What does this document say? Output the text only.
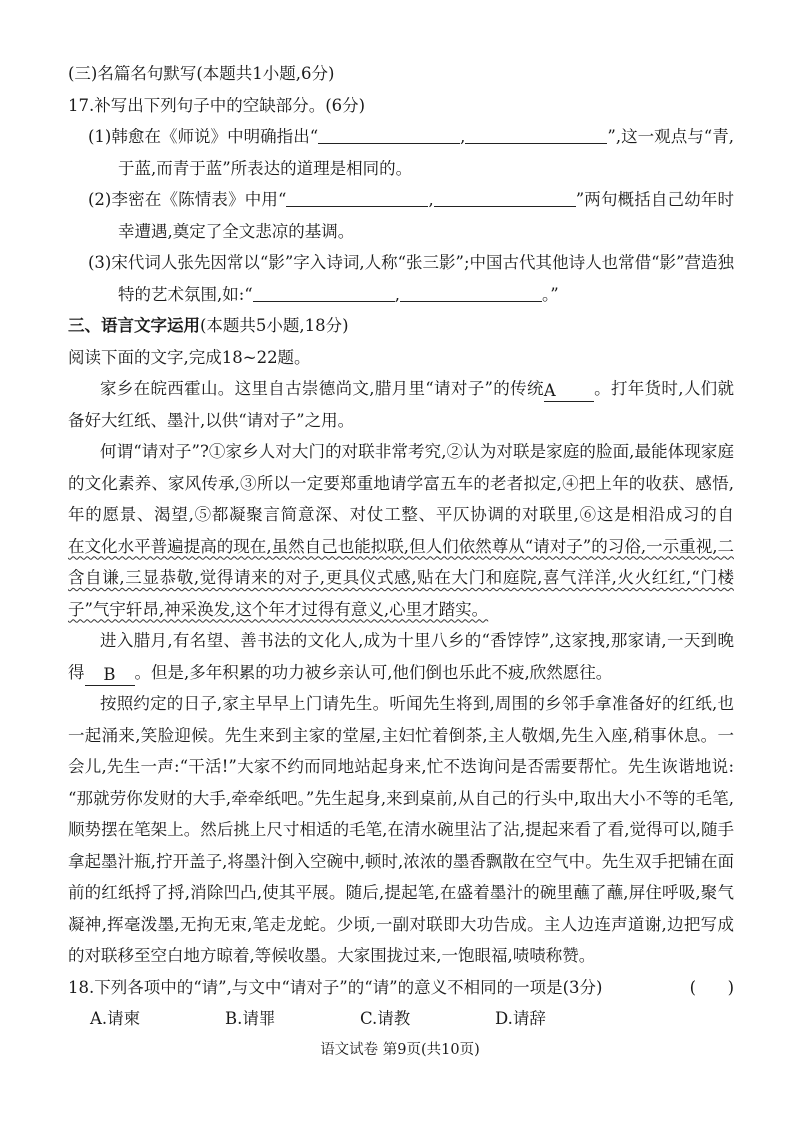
(三)名篇名句默写(本题共1小题,6分)
17.补写出下列句子中的空缺部分。(6分)
(1)韩愈在《师说》中明确指出“	,	”,这一观点与“青,
于蓝,而青于蓝”所表达的道理是相同的。
(2)李密在《陈情表》中用“	,	”两句概括自己幼年时
幸遭遇,奠定了全文悲凉的基调。
(3)宋代词人张先因常以“影”字入诗词,人称“张三影”;中国古代其他诗人也常借“影”营造独
特的艺术氛围,如:“	,	。”
三、语言文字运用(本题共5小题,18分)
阅读下面的文字,完成18~22题。
家乡在皖西霍山。这里自古崇德尚文,腊月里“请对子”的传统A 。打年货时,人们就
备好大红纸、墨汁,以供“请对子”之用。
何谓“请对子”?①家乡人对大门的对联非常考究,②认为对联是家庭的脸面,最能体现家庭
的文化素养、家风传承,③所以一定要郑重地请学富五车的老者拟定,④把上年的收获、感悟,
年的愿景、渴望,⑤都凝聚言简意深、对仗工整、平仄协调的对联里,⑥这是相沿成习的自
在文化水平普遍提高的现在,虽然自己也能拟联,但人们依然尊从“请对子”的习俗,一示重视,二
含自谦,三显恭敬,觉得请来的对子,更具仪式感,贴在大门和庭院,喜气洋洋,火火红红,“门楼
子”气宇轩昂,神采涣发,这个年才过得有意义,心里才踏实。
进入腊月,有名望、善书法的文化人,成为十里八乡的“香饽饽”,这家拽,那家请,一天到晚
得 B 。但是,多年积累的功力被乡亲认可,他们倒也乐此不疲,欣然愿往。
按照约定的日子,家主早早上门请先生。听闻先生将到,周围的乡邻手拿准备好的红纸,也
一起涌来,笑脸迎候。先生来到主家的堂屋,主妇忙着倒茶,主人敬烟,先生入座,稍事休息。一
会儿,先生一声:“干活!”大家不约而同地站起身来,忙不迭询问是否需要帮忙。先生诙谐地说:
“那就劳你发财的大手,牵牵纸吧。”先生起身,来到桌前,从自己的行头中,取出大小不等的毛笔,
顺势摆在笔架上。然后挑上尺寸相适的毛笔,在清水碗里沾了沾,提起来看了看,觉得可以,随手
拿起墨汁瓶,拧开盖子,将墨汁倒入空碗中,顿时,浓浓的墨香飘散在空气中。先生双手把铺在面
前的红纸捋了捋,消除凹凸,使其平展。随后,提起笔,在盛着墨汁的碗里蘸了蘸,屏住呼吸,聚气
凝神,挥毫泼墨,无拘无束,笔走龙蛇。少顷,一副对联即大功告成。主人边连声道谢,边把写成
的对联移至空白地方晾着,等候收墨。大家围拢过来,一饱眼福,啧啧称赞。
18.下列各项中的“请”,与文中“请对子”的“请”的意义不相同的一项是(3分)	(      )
A.请柬	B.请罪	C.请教	D.请辞
语文试卷 第9页(共10页)
